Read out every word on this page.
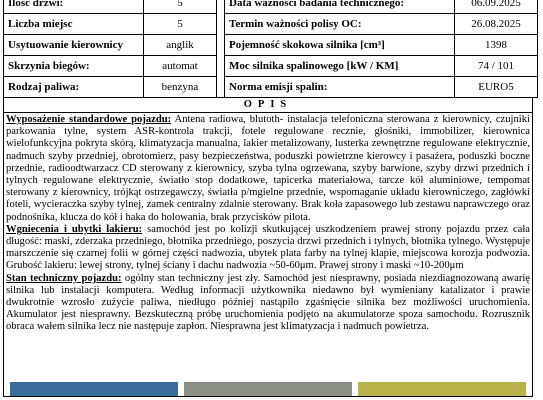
Ilość drzwi:	5		Data ważności badania technicznego:	06.09.2025
Liczba miejsc	5		Termin ważności polisy OC:	26.08.2025
Usytuowanie kierownicy	anglik		Pojemność skokowa silnika [cm³]	1398
Skrzynia biegów:	automat		Moc silnika spalinowego [kW / KM]	74 / 101
Rodzaj paliwa:	benzyna		Norma emisji spalin:	EURO5
OPIS

Wyposażenie standardowe pojazdu: Antena radiowa, blutoth- instalacja telefoniczna sterowana z kierownicy, czujniki parkowania tylne, system ASR-kontrola trakcji, fotele regulowane recznie, głośniki, immobilizer, kierownica wielofunkcyjna pokryta skórą, klimatyzacja manualna, lakier metalizowany, lusterka zewnętrzne regulowane elektrycznie, nadmuch szyby przedniej, obrotomierz, pasy bezpieczeństwa, poduszki powietrzne kierowcy i pasażera, poduszki boczne przednie, radioodtwarzacz CD sterowany z kierownicy, szyba tylna ogrzewana, szyby barwione, szyby drzwi przednich i tylnych regulowane elektrycznie, światło stop dodatkowe, tapicerka materiałowa, tarcze kół aluminiowe, tempomat sterowany z kierownicy, trójkąt ostrzegawczy, światła p/mgielne przednie, wspomaganie układu kierowniczego, zagłówki foteli, wycieraczka szyby tylnej, zamek centralny zdalnie sterowany. Brak koła zapasowego lub zestawu naprawczego oraz podnośnika, klucza do kół i haka do holowania, brak przycisków pilota.

Wgniecenia i ubytki lakieru: samochód jest po kolizji skutkującej uszkodzeniem prawej strony pojazdu przez cała długość: maski, zderzaka przedniego, błotnika przedniego, poszycia drzwi przednich i tylnych, błotnika tylnego. Występuje marszczenie się czarnej folii w górnej części nadwozia, ubytek plata farby na tylnej klapie, miejscowa korozja podwozia. Grubość lakieru: lewej strony, tylnej ściany i dachu nadwozia ~50-60μm. Prawej strony i maski ~10-200μm

Stan techniczny pojazdu: ogólny stan techniczny jest zły. Samochód jest niesprawny, posiada niezdiagnozowaną awarię silnika lub instalacji komputera. Według informacji użytkownika niedawno był wymieniany katalizator i prawie dwukrotnie wzrosło zużycie paliwa, niedługo później nastąpiło zgaśnięcie silnika bez możliwości uruchomienia. Akumulator jest niesprawny. Bezskuteczną próbę uruchomienia podjęto na akumulatorze spoza samochodu. Rozrusznik obraca wałem silnika lecz nie następuje zapłon. Niesprawna jest klimatyzacja i nadmuch powietrza.
